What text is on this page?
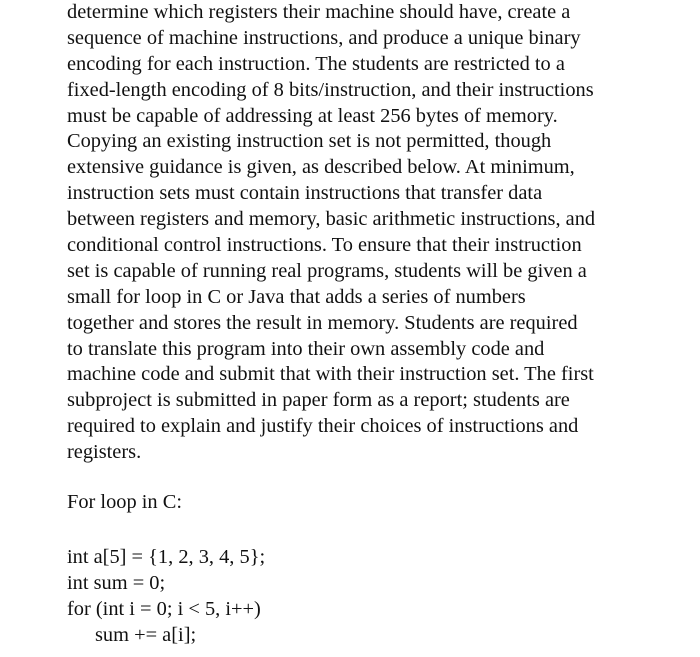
determine which registers their machine should have, create a
sequence of machine instructions, and produce a unique binary
encoding for each instruction. The students are restricted to a
fixed-length encoding of 8 bits/instruction, and their instructions
must be capable of addressing at least 256 bytes of memory.
Copying an existing instruction set is not permitted, though
extensive guidance is given, as described below. At minimum,
instruction sets must contain instructions that transfer data
between registers and memory, basic arithmetic instructions, and
conditional control instructions. To ensure that their instruction
set is capable of running real programs, students will be given a
small for loop in C or Java that adds a series of numbers
together and stores the result in memory. Students are required
to translate this program into their own assembly code and
machine code and submit that with their instruction set. The first
subproject is submitted in paper form as a report; students are
required to explain and justify their choices of instructions and
registers.
For loop in C:
int a[5] = {1, 2, 3, 4, 5};
int sum = 0;
for (int i = 0; i < 5, i++)
sum += a[i];
